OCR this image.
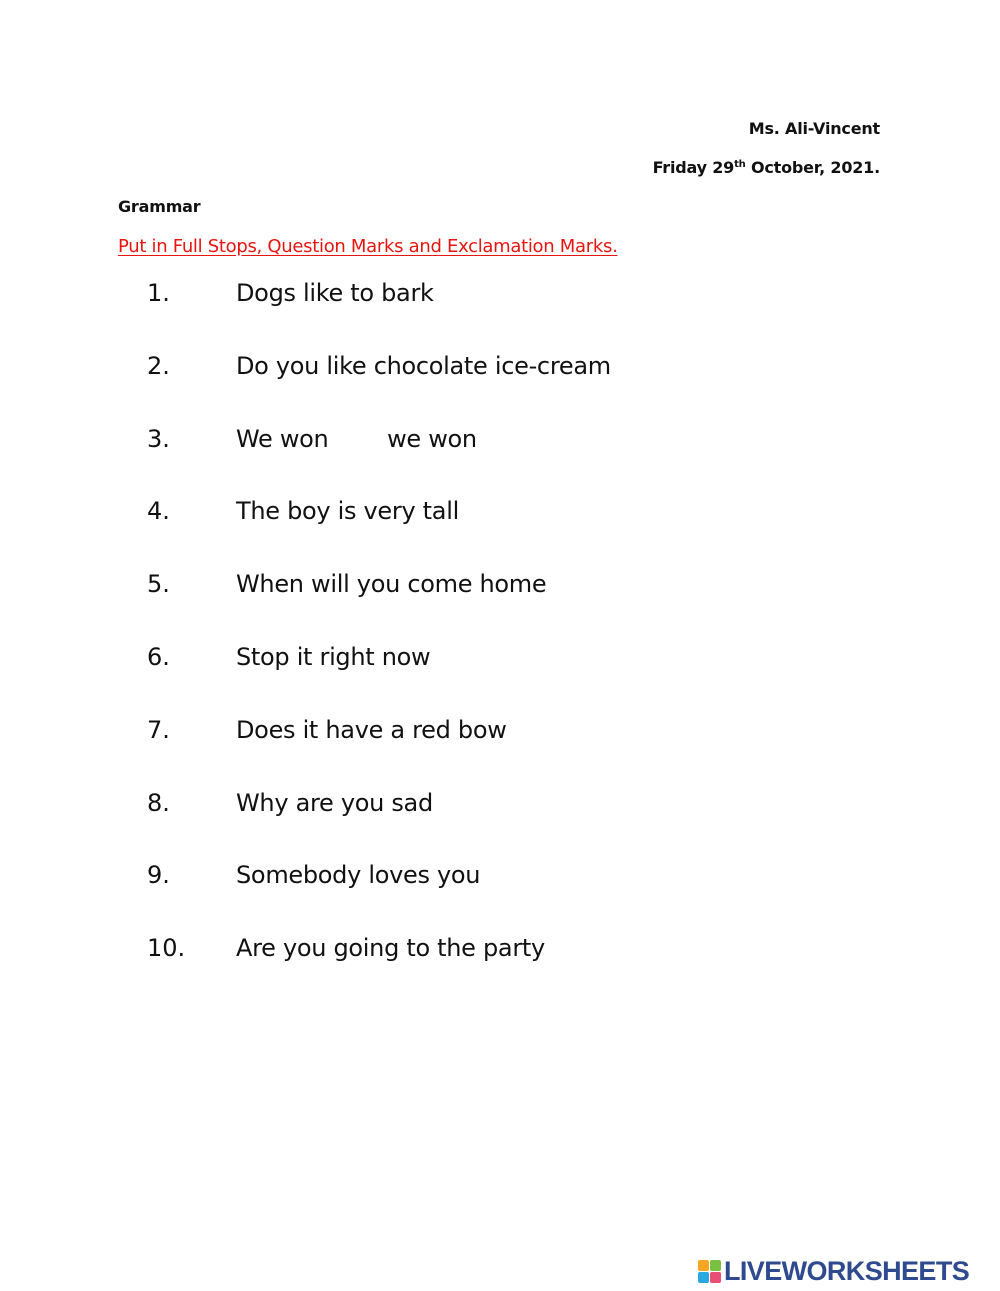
Ms. Ali-Vincent
Friday 29th October, 2021.
Grammar
Put in Full Stops, Question Marks and Exclamation Marks.
1.	Dogs like to bark
2.	Do you like chocolate ice-cream
3.	We won        we won
4.	The boy is very tall
5.	When will you come home
6.	Stop it right now
7.	Does it have a red bow
8.	Why are you sad
9.	Somebody loves you
10. Are you going to the party
LIVEWORKSHEETS
